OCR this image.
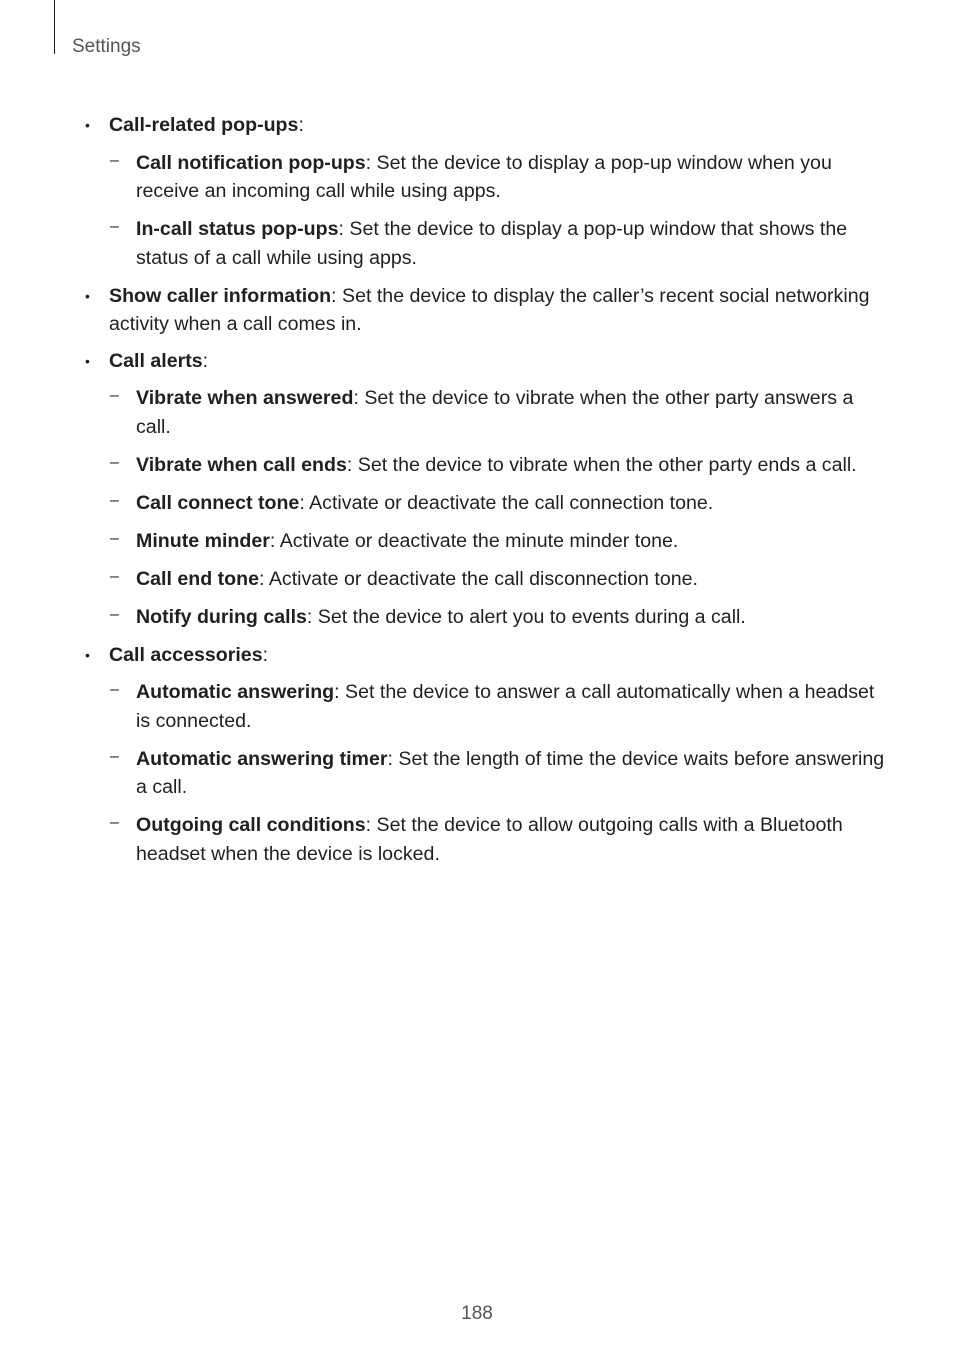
Settings
• Call-related pop-ups:
– Call notification pop-ups: Set the device to display a pop-up window when you receive an incoming call while using apps.
– In-call status pop-ups: Set the device to display a pop-up window that shows the status of a call while using apps.
• Show caller information: Set the device to display the caller’s recent social networking activity when a call comes in.
• Call alerts:
– Vibrate when answered: Set the device to vibrate when the other party answers a call.
– Vibrate when call ends: Set the device to vibrate when the other party ends a call.
– Call connect tone: Activate or deactivate the call connection tone.
– Minute minder: Activate or deactivate the minute minder tone.
– Call end tone: Activate or deactivate the call disconnection tone.
– Notify during calls: Set the device to alert you to events during a call.
• Call accessories:
– Automatic answering: Set the device to answer a call automatically when a headset is connected.
– Automatic answering timer: Set the length of time the device waits before answering a call.
– Outgoing call conditions: Set the device to allow outgoing calls with a Bluetooth headset when the device is locked.
188
